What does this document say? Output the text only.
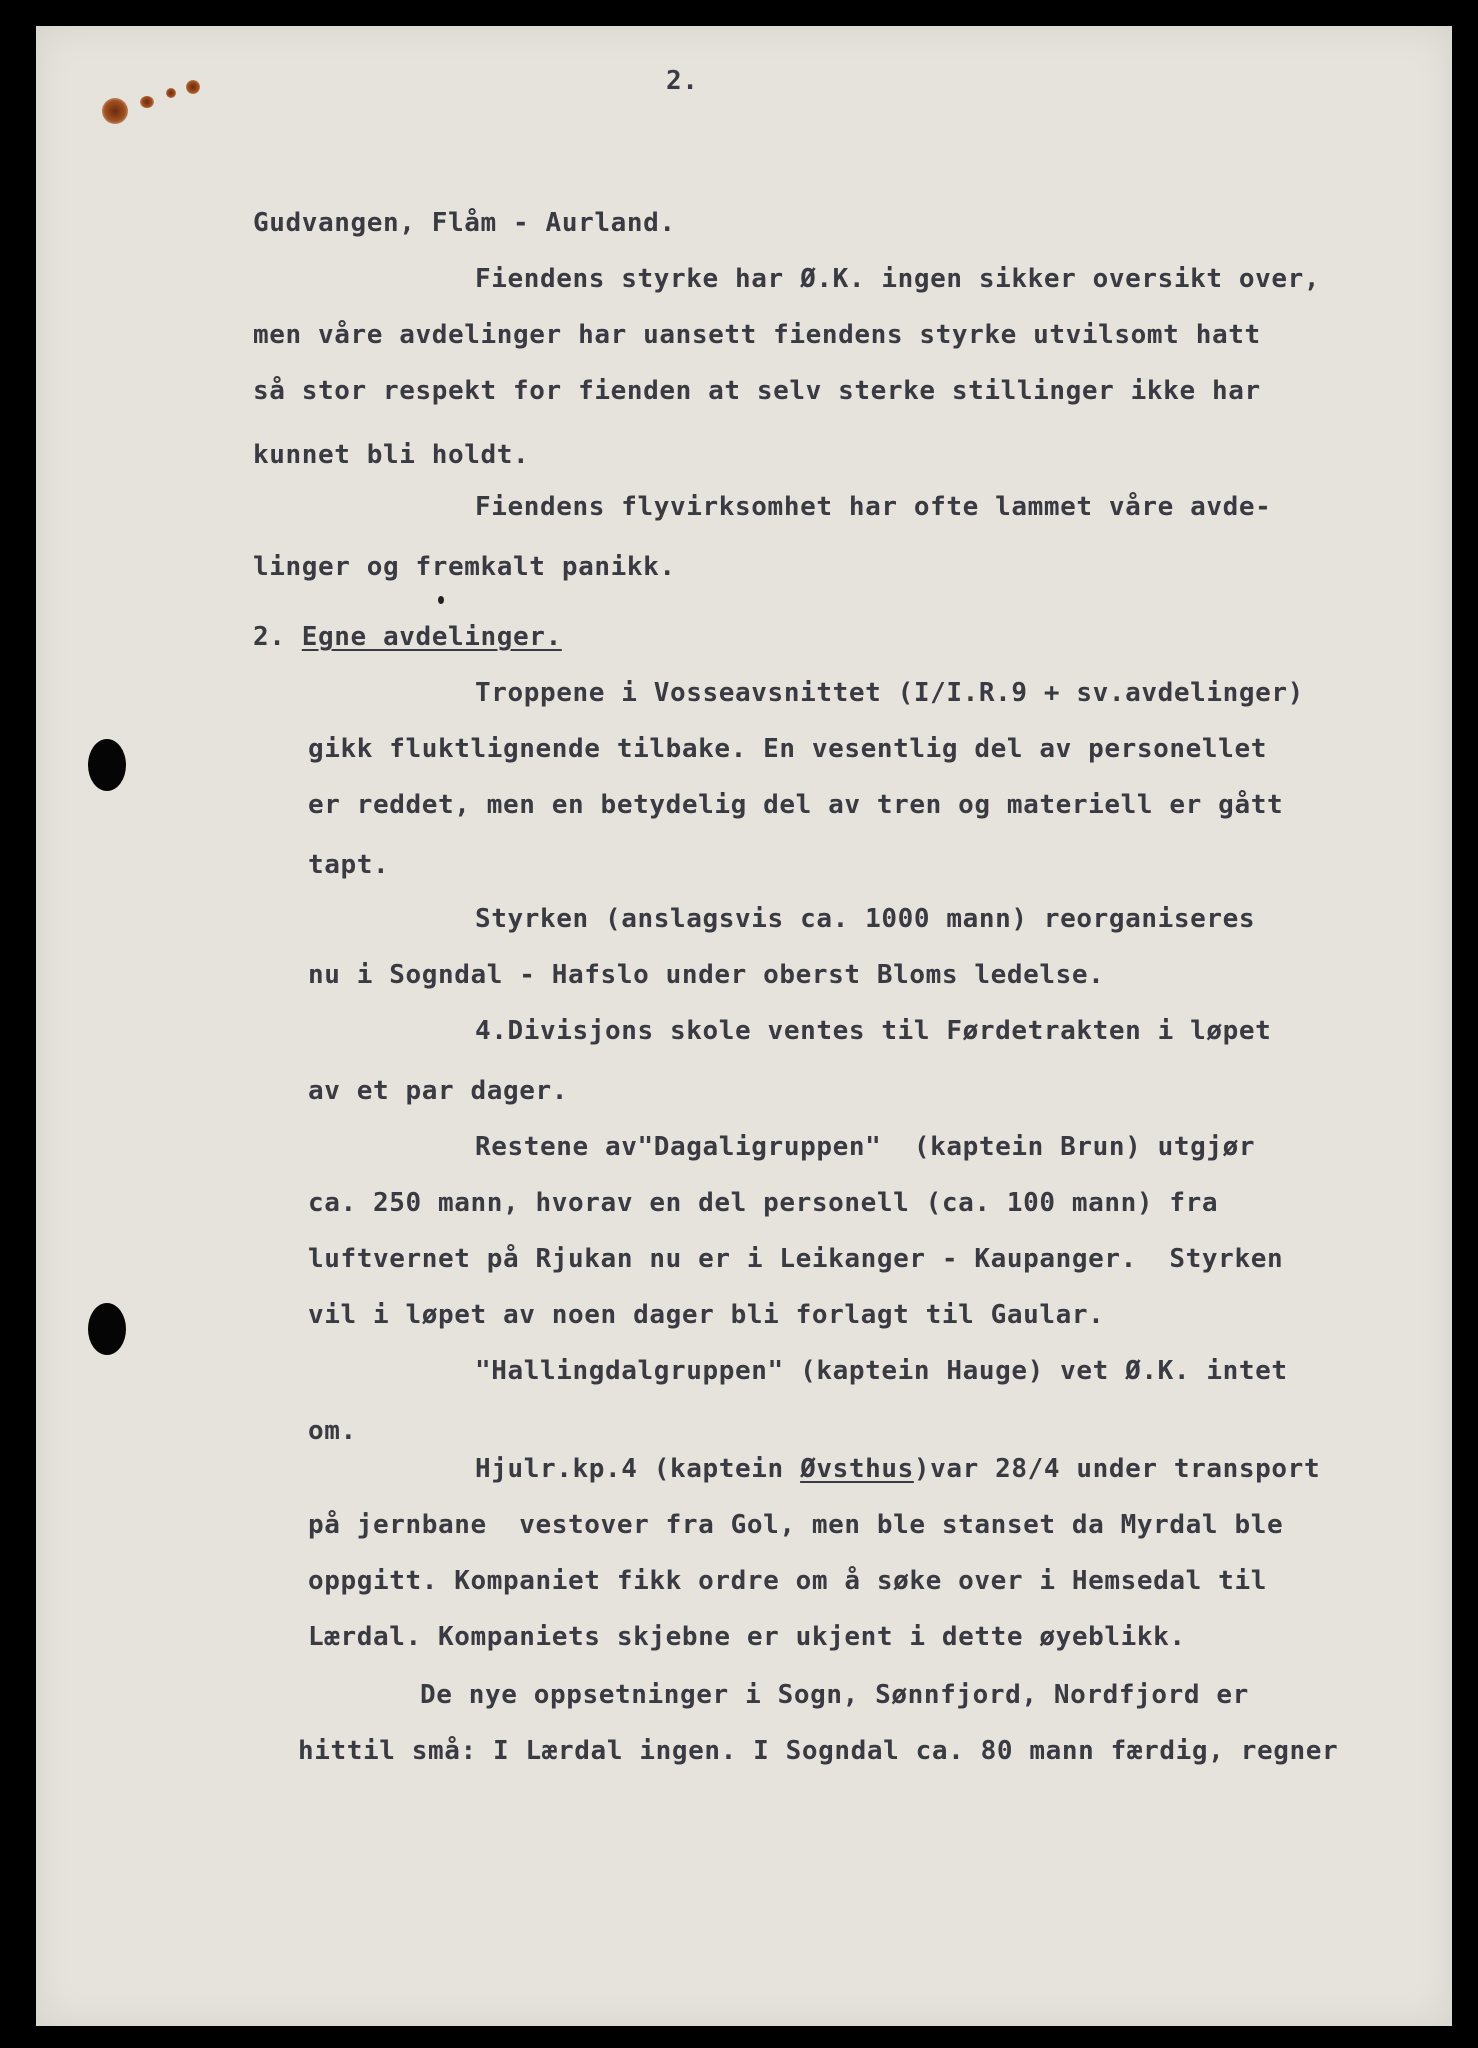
2.
Gudvangen, Flåm - Aurland.
Fiendens styrke har Ø.K. ingen sikker oversikt over,
men våre avdelinger har uansett fiendens styrke utvilsomt hatt
så stor respekt for fienden at selv sterke stillinger ikke har
kunnet bli holdt.
Fiendens flyvirksomhet har ofte lammet våre avde-
linger og fremkalt panikk.
2. Egne avdelinger.
Troppene i Vosseavsnittet (I/I.R.9 + sv.avdelinger)
gikk fluktlignende tilbake. En vesentlig del av personellet
er reddet, men en betydelig del av tren og materiell er gått
tapt.
Styrken (anslagsvis ca. 1000 mann) reorganiseres
nu i Sogndal - Hafslo under oberst Bloms ledelse.
4.Divisjons skole ventes til Førdetrakten i løpet
av et par dager.
Restene av"Dagaligruppen"  (kaptein Brun) utgjør
ca. 250 mann, hvorav en del personell (ca. 100 mann) fra
luftvernet på Rjukan nu er i Leikanger - Kaupanger.  Styrken
vil i løpet av noen dager bli forlagt til Gaular.
"Hallingdalgruppen" (kaptein Hauge) vet Ø.K. intet
om.
Hjulr.kp.4 (kaptein Øvsthus)var 28/4 under transport
på jernbane  vestover fra Gol, men ble stanset da Myrdal ble
oppgitt. Kompaniet fikk ordre om å søke over i Hemsedal til
Lærdal. Kompaniets skjebne er ukjent i dette øyeblikk.
De nye oppsetninger i Sogn, Sønnfjord, Nordfjord er
hittil små: I Lærdal ingen. I Sogndal ca. 80 mann færdig, regner
